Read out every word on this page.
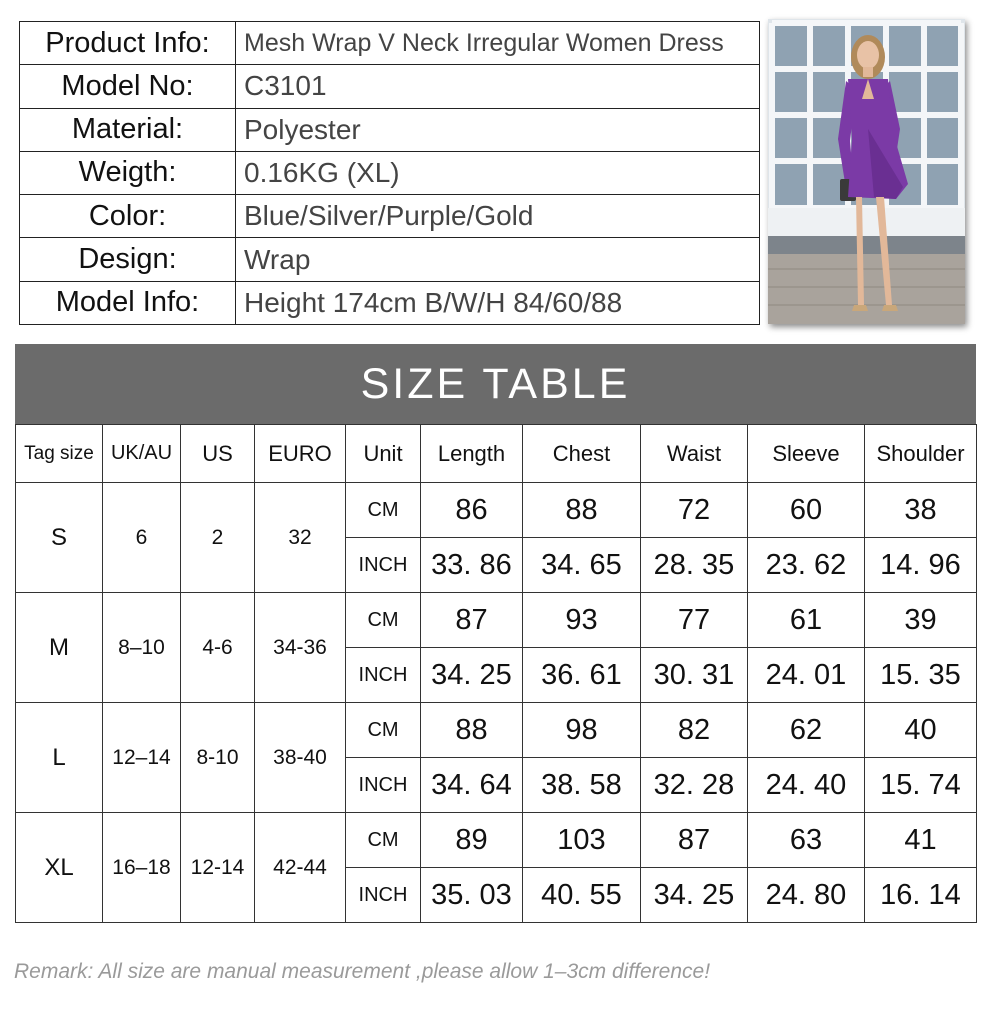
Product Info:	Mesh Wrap V Neck Irregular Women Dress
Model No:	C3101
Material:	Polyester
Weigth:	0.16KG (XL)
Color:	Blue/Silver/Purple/Gold
Design:	Wrap
Model Info:	Height 174cm B/W/H 84/60/88
SIZE TABLE
Tag size	UK/AU	US	EURO	Unit	Length	Chest	Waist	Sleeve	Shoulder
S	6	2	32	CM	86	88	72	60	38
				INCH	33. 86	34. 65	28. 35	23. 62	14. 96
M	8–10	4-6	34-36	CM	87	93	77	61	39
				INCH	34. 25	36. 61	30. 31	24. 01	15. 35
L	12–14	8-10	38-40	CM	88	98	82	62	40
				INCH	34. 64	38. 58	32. 28	24. 40	15. 74
XL	16–18	12-14	42-44	CM	89	103	87	63	41
				INCH	35. 03	40. 55	34. 25	24. 80	16. 14
Remark: All size are manual measurement ,please allow 1–3cm difference!
